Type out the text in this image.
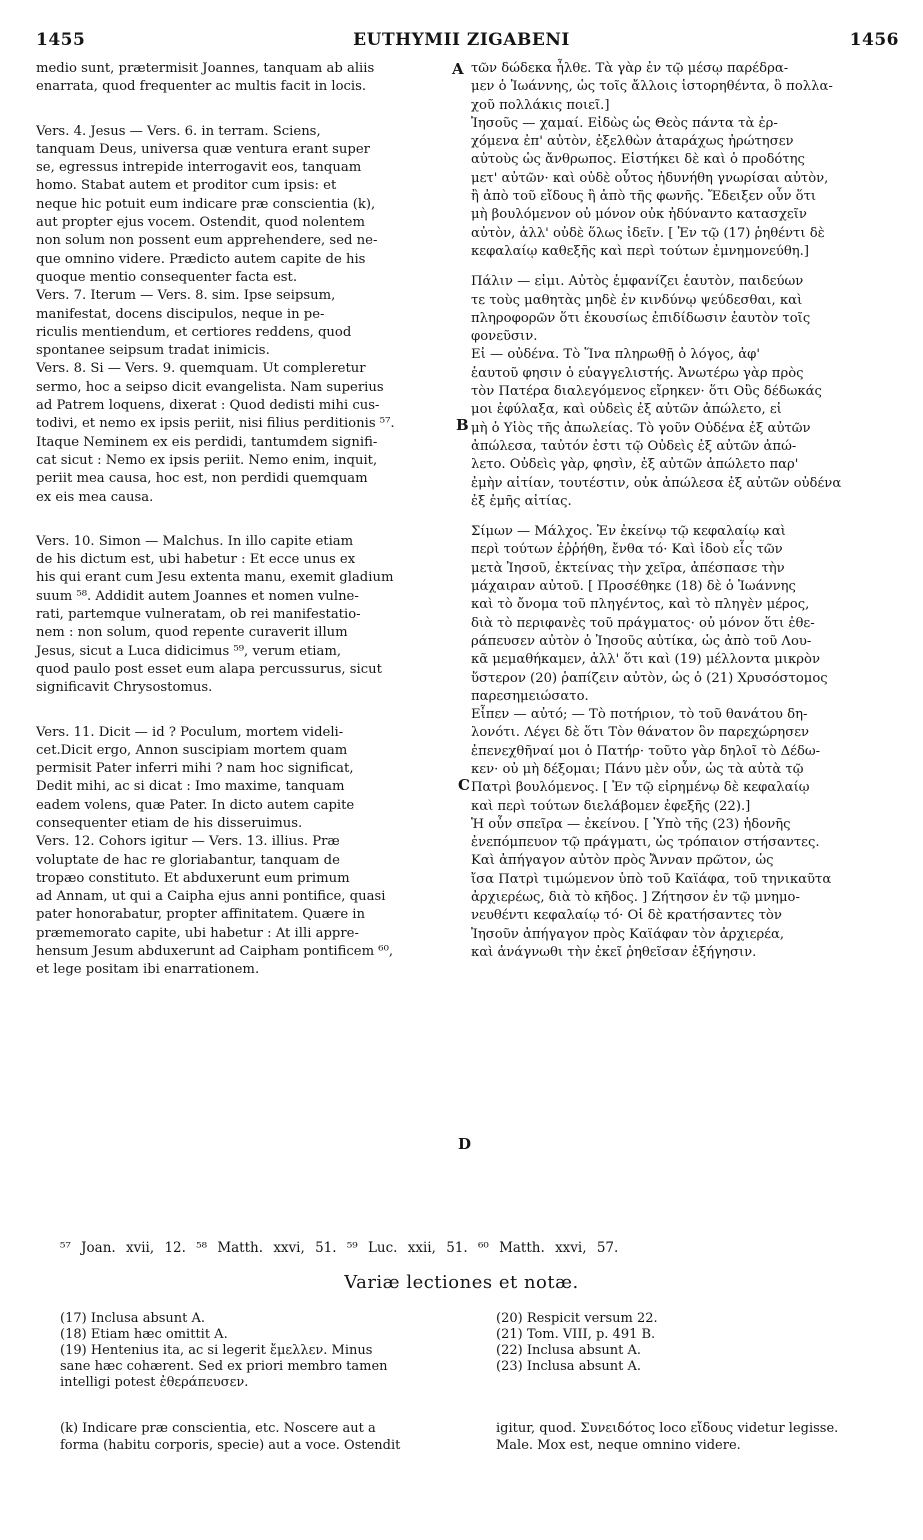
1455	EUTHYMII ZIGABENI	1456
A
B
C
D

medio sunt, prætermisit Joannes, tanquam ab aliis
enarrata, quod frequenter ac multis facit in locis.

Vers. 4. Jesus — Vers. 6. in terram. Sciens,
tanquam Deus, universa quæ ventura erant super
se, egressus intrepide interrogavit eos, tanquam
homo. Stabat autem et proditor cum ipsis: et
neque hic potuit eum indicare præ conscientia (k),
aut propter ejus vocem. Ostendit, quod nolentem
non solum non possent eum apprehendere, sed ne-
que omnino videre. Prædicto autem capite de his
quoque mentio consequenter facta est.

Vers. 7. Iterum — Vers. 8. sim. Ipse seipsum,
manifestat, docens discipulos, neque in pe-
riculis mentiendum, et certiores reddens, quod
spontanee seipsum tradat inimicis.

Vers. 8. Si — Vers. 9. quemquam. Ut compleretur
sermo, hoc a seipso dicit evangelista. Nam superius
ad Patrem loquens, dixerat : Quod dedisti mihi cus-
todivi, et nemo ex ipsis periit, nisi filius perditionis ⁵⁷.
Itaque Neminem ex eis perdidi, tantumdem signifi-
cat sicut : Nemo ex ipsis periit. Nemo enim, inquit,
periit mea causa, hoc est, non perdidi quemquam
ex eis mea causa.

Vers. 10. Simon — Malchus. In illo capite etiam
de his dictum est, ubi habetur : Et ecce unus ex
his qui erant cum Jesu extenta manu, exemit gladium
suum ⁵⁸. Addidit autem Joannes et nomen vulne-
rati, partemque vulneratam, ob rei manifestatio-
nem : non solum, quod repente curaverit illum
Jesus, sicut a Luca didicimus ⁵⁹, verum etiam,
quod paulo post esset eum alapa percussurus, sicut
significavit Chrysostomus.

Vers. 11. Dicit — id ? Poculum, mortem videli-
cet.Dicit ergo, Annon suscipiam mortem quam
permisit Pater inferri mihi ? nam hoc significat,
Dedit mihi, ac si dicat : Imo maxime, tanquam
eadem volens, quæ Pater. In dicto autem capite
consequenter etiam de his disseruimus.

Vers. 12. Cohors igitur — Vers. 13. illius. Præ
voluptate de hac re gloriabantur, tanquam de
tropæo constituto. Et abduxerunt eum primum
ad Annam, ut qui a Caipha ejus anni pontifice, quasi
pater honorabatur, propter affinitatem. Quære in
præmemorato capite, ubi habetur : At illi appre-
hensum Jesum abduxerunt ad Caipham pontificem ⁶⁰,
et lege positam ibi enarrationem.

τῶν δώδεκα ἦλθε. Τὰ γὰρ ἐν τῷ μέσῳ παρέδρα-
μεν ὁ Ἰωάννης, ὡς τοῖς ἄλλοις ἱστορηθέντα, ὃ πολλα-
χοῦ πολλάκις ποιεῖ.]

Ἰησοῦς — χαμαί. Εἰδὼς ὡς Θεὸς πάντα τὰ ἐρ-
χόμενα ἐπ' αὐτὸν, ἐξελθὼν ἀταράχως ἠρώτησεν
αὐτοὺς ὡς ἄνθρωπος. Εἱστήκει δὲ καὶ ὁ προδότης
μετ' αὐτῶν· καὶ οὐδὲ οὗτος ἠδυνήθη γνωρίσαι αὐτὸν,
ἢ ἀπὸ τοῦ εἴδους ἢ ἀπὸ τῆς φωνῆς. Ἔδειξεν οὖν ὅτι
μὴ βουλόμενον οὐ μόνον οὐκ ἠδύναντο κατασχεῖν
αὐτὸν, ἀλλ' οὐδὲ ὅλως ἰδεῖν. [ Ἐν τῷ (17) ῥηθέντι δὲ
κεφαλαίῳ καθεξῆς καὶ περὶ τούτων ἐμνημονεύθη.]

Πάλιν — εἰμι. Αὐτὸς ἐμφανίζει ἑαυτὸν, παιδεύων
τε τοὺς μαθητὰς μηδὲ ἐν κινδύνῳ ψεύδεσθαι, καὶ
πληροφορῶν ὅτι ἑκουσίως ἐπιδίδωσιν ἑαυτὸν τοῖς
φονεῦσιν.

Εἰ — οὐδένα. Τὸ Ἵνα πληρωθῇ ὁ λόγος, ἀφ'
ἑαυτοῦ φησιν ὁ εὐαγγελιστής. Ἀνωτέρω γὰρ πρὸς
τὸν Πατέρα διαλεγόμενος εἴρηκεν· ὅτι Οὓς δέδωκάς
μοι ἐφύλαξα, καὶ οὐδεὶς ἐξ αὐτῶν ἀπώλετο, εἰ
μὴ ὁ Υἱὸς τῆς ἀπωλείας. Τὸ γοῦν Οὐδένα ἐξ αὐτῶν
ἀπώλεσα, ταὐτόν ἐστι τῷ Οὐδεὶς ἐξ αὐτῶν ἀπώ-
λετο. Οὐδεὶς γὰρ, φησὶν, ἐξ αὐτῶν ἀπώλετο παρ'
ἐμὴν αἰτίαν, τουτέστιν, οὐκ ἀπώλεσα ἐξ αὐτῶν οὐδένα
ἐξ ἐμῆς αἰτίας.

Σίμων — Μάλχος. Ἐν ἐκείνῳ τῷ κεφαλαίῳ καὶ
περὶ τούτων ἐῤῥήθη, ἔνθα τό· Καὶ ἰδοὺ εἷς τῶν
μετὰ Ἰησοῦ, ἐκτείνας τὴν χεῖρα, ἀπέσπασε τὴν
μάχαιραν αὐτοῦ. [ Προσέθηκε (18) δὲ ὁ Ἰωάννης
καὶ τὸ ὄνομα τοῦ πληγέντος, καὶ τὸ πληγὲν μέρος,
διὰ τὸ περιφανὲς τοῦ πράγματος· οὐ μόνον ὅτι ἐθε-
ράπευσεν αὐτὸν ὁ Ἰησοῦς αὐτίκα, ὡς ἀπὸ τοῦ Λου-
κᾶ μεμαθήκαμεν, ἀλλ' ὅτι καὶ (19) μέλλοντα μικρὸν
ὕστερον (20) ῥαπίζειν αὐτὸν, ὡς ὁ (21) Χρυσόστομος
παρεσημειώσατο.

Εἶπεν — αὐτό; — Τὸ ποτήριον, τὸ τοῦ θανάτου δη-
λονότι. Λέγει δὲ ὅτι Τὸν θάνατον ὃν παρεχώρησεν
ἐπενεχθῆναί μοι ὁ Πατήρ· τοῦτο γὰρ δηλοῖ τὸ Δέδω-
κεν· οὐ μὴ δέξομαι; Πάνυ μὲν οὖν, ὡς τὰ αὐτὰ τῷ
Πατρὶ βουλόμενος. [ Ἐν τῷ εἰρημένῳ δὲ κεφαλαίῳ
καὶ περὶ τούτων διελάβομεν ἐφεξῆς (22).]

Ἡ οὖν σπεῖρα — ἐκείνου. [ Ὑπὸ τῆς (23) ἡδονῆς
ἐνεπόμπευον τῷ πράγματι, ὡς τρόπαιον στήσαντες.
Καὶ ἀπήγαγον αὐτὸν πρὸς Ἄνναν πρῶτον, ὡς
ἴσα Πατρὶ τιμώμενον ὑπὸ τοῦ Καϊάφα, τοῦ τηνικαῦτα
ἀρχιερέως, διὰ τὸ κῆδος. ] Ζήτησον ἐν τῷ μνημο-
νευθέντι κεφαλαίῳ τό· Οἱ δὲ κρατήσαντες τὸν
Ἰησοῦν ἀπήγαγον πρὸς Καϊάφαν τὸν ἀρχιερέα,
καὶ ἀνάγνωθι τὴν ἐκεῖ ῥηθεῖσαν ἐξήγησιν.

⁵⁷ Joan. xvii, 12. ⁵⁸ Matth. xxvi, 51. ⁵⁹ Luc. xxii, 51. ⁶⁰ Matth. xxvi, 57.
Variæ lectiones et notæ.
(17) Inclusa absunt A.
(18) Etiam hæc omittit A.
(19) Hentenius ita, ac si legerit ἔμελλεν. Minus
sane hæc cohærent. Sed ex priori membro tamen
intelligi potest ἐθεράπευσεν.
(20) Respicit versum 22.
(21) Tom. VIII, p. 491 B.
(22) Inclusa absunt A.
(23) Inclusa absunt A.
(k) Indicare præ conscientia, etc. Noscere aut a
forma (habitu corporis, specie) aut a voce. Ostendit
igitur, quod. Συνειδότος loco εἴδους videtur legisse.
Male. Mox est, neque omnino videre.
